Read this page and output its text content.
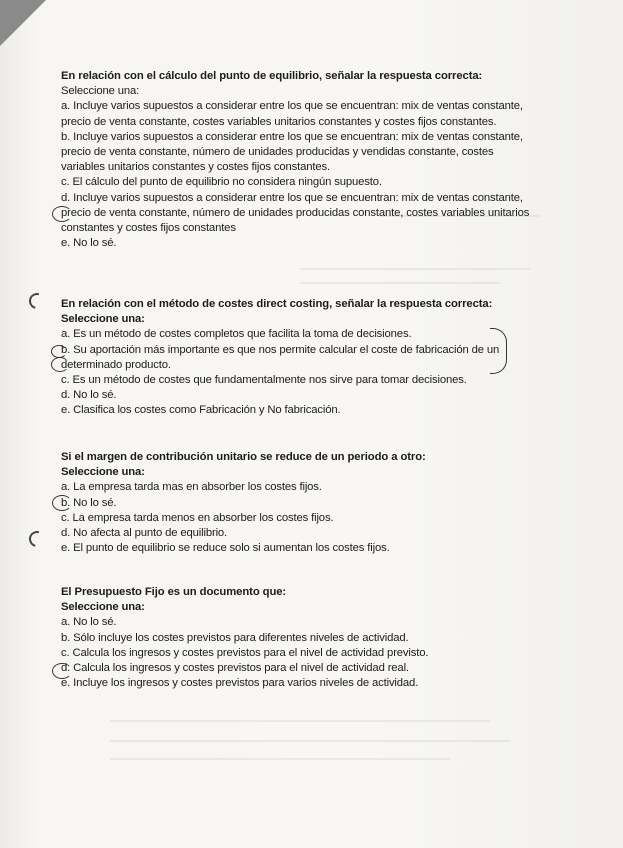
En relación con el cálculo del punto de equilibrio, señalar la respuesta correcta:

Seleccione una:

a. Incluye varios supuestos a considerar entre los que se encuentran: mix de ventas constante, precio de venta constante, costes variables unitarios constantes y costes fijos constantes.

b. Incluye varios supuestos a considerar entre los que se encuentran: mix de ventas constante, precio de venta constante, número de unidades producidas y vendidas constante, costes variables unitarios constantes y costes fijos constantes.

c. El cálculo del punto de equilibrio no considera ningún supuesto.

d. Incluye varios supuestos a considerar entre los que se encuentran: mix de ventas constante, precio de venta constante, número de unidades producidas constante, costes variables unitarios constantes y costes fijos constantes

e. No lo sé.

En relación con el método de costes direct costing, señalar la respuesta correcta:

Seleccione una:

a. Es un método de costes completos que facilita la toma de decisiones.

b. Su aportación más importante es que nos permite calcular el coste de fabricación de un determinado producto.

c. Es un método de costes que fundamentalmente nos sirve para tomar decisiones.

d. No lo sé.

e. Clasifica los costes como Fabricación y No fabricación.

Si el margen de contribución unitario se reduce de un periodo a otro:

Seleccione una:

a. La empresa tarda mas en absorber los costes fijos.

b. No lo sé.

c. La empresa tarda menos en absorber los costes fijos.

d. No afecta al punto de equilibrio.

e. El punto de equilibrio se reduce solo si aumentan los costes fijos.

El Presupuesto Fijo es un documento que:

Seleccione una:

a. No lo sé.

b. Sólo incluye los costes previstos para diferentes niveles de actividad.

c. Calcula los ingresos y costes previstos para el nivel de actividad previsto.

d. Calcula los ingresos y costes previstos para el nivel de actividad real.

e. Incluye los ingresos y costes previstos para varios niveles de actividad.
